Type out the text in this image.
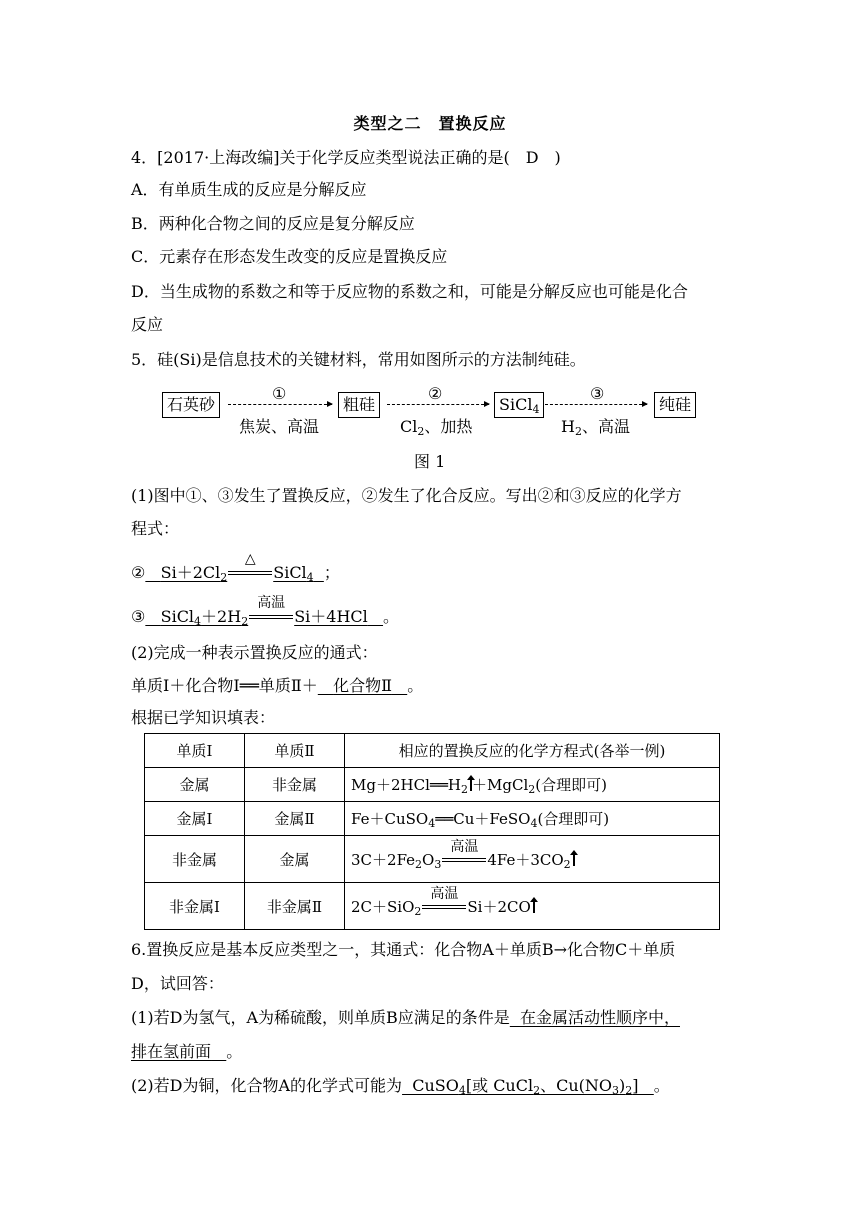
类型之二　置换反应
4．[2017·上海改编]关于化学反应类型说法正确的是(　D　)
A．有单质生成的反应是分解反应
B．两种化合物之间的反应是复分解反应
C．元素存在形态发生改变的反应是置换反应
D．当生成物的系数之和等于反应物的系数之和，可能是分解反应也可能是化合
反应
5．硅(Si)是信息技术的关键材料，常用如图所示的方法制纯硅。
石英砂
①
焦炭、高温
粗硅
②
$Cl_2$、加热
SiCl$_4$
③
$H_2$、高温
纯硅
图 1
(1)图中①、③发生了置换反应，②发生了化合反应。写出②和③反应的化学方
程式：
② $Si+2Cl_2$
△
SiCl$_4$ ；
③ $SiCl_4+2H_2$
高温
Si＋4HCl 。
(2)完成一种表示置换反应的通式：
单质Ⅰ＋化合物Ⅰ══单质Ⅱ＋ 化合物Ⅱ 。
根据已学知识填表：
单质Ⅰ	单质Ⅱ	相应的置换反应的化学方程式(各举一例)
金属	非金属	$Mg+2HCl══H_2$ ＋MgCl$_2$(合理即可)
金属Ⅰ	金属Ⅱ	Fe＋CuSO$_4$══Cu＋FeSO$_4$(合理即可)
非金属	金属	$3C+2Fe_2O_3$
高温
$4Fe+3CO_2$
非金属Ⅰ	非金属Ⅱ	2C＋SiO$_2$
高温
Si＋2CO
6.置换反应是基本反应类型之一，其通式：化合物A＋单质B→化合物C＋单质
D，试回答：
(1)若D为氢气，A为稀硫酸，则单质B应满足的条件是 在金属活动性顺序中，
排在氢前面 。
(2)若D为铜，化合物A的化学式可能为  CuSO$_4$[或 CuCl$_2$、$Cu(NO_3)_2$]   。
